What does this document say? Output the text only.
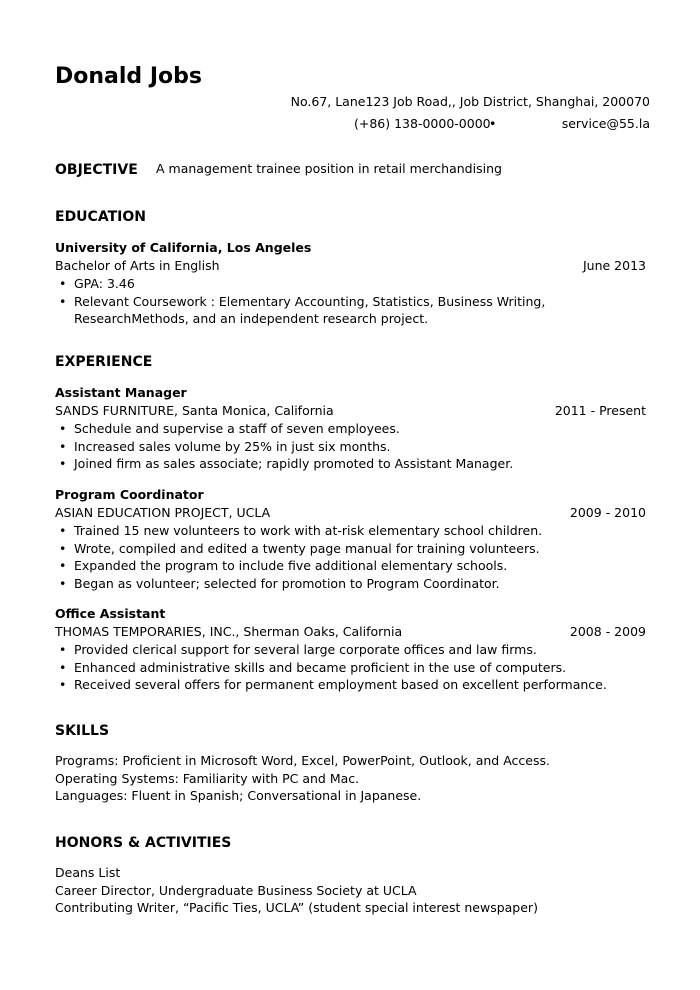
Donald Jobs
No.67, Lane123 Job Road,, Job District, Shanghai, 200070
(+86) 138-0000-0000
•	service@55.la
OBJECTIVE A management trainee position in retail merchandising
EDUCATION
University of California, Los Angeles
Bachelor of Arts in English	June 2013
• GPA: 3.46
• Relevant Coursework : Elementary Accounting, Statistics, Business Writing, ResearchMethods, and an independent research project.
EXPERIENCE
Assistant Manager
SANDS FURNITURE, Santa Monica, California	2011 - Present
• Schedule and supervise a staff of seven employees.
• Increased sales volume by 25% in just six months.
• Joined firm as sales associate; rapidly promoted to Assistant Manager.
Program Coordinator
ASIAN EDUCATION PROJECT, UCLA	2009 - 2010
• Trained 15 new volunteers to work with at-risk elementary school children.
• Wrote, compiled and edited a twenty page manual for training volunteers.
• Expanded the program to include five additional elementary schools.
• Began as volunteer; selected for promotion to Program Coordinator.
Office Assistant
THOMAS TEMPORARIES, INC., Sherman Oaks, California	2008 - 2009
• Provided clerical support for several large corporate offices and law firms.
• Enhanced administrative skills and became proficient in the use of computers.
• Received several offers for permanent employment based on excellent performance.
SKILLS
Programs: Proficient in Microsoft Word, Excel, PowerPoint, Outlook, and Access.
Operating Systems: Familiarity with PC and Mac.
Languages: Fluent in Spanish; Conversational in Japanese.
HONORS & ACTIVITIES
Deans List
Career Director, Undergraduate Business Society at UCLA
Contributing Writer, “Pacific Ties, UCLA” (student special interest newspaper)
